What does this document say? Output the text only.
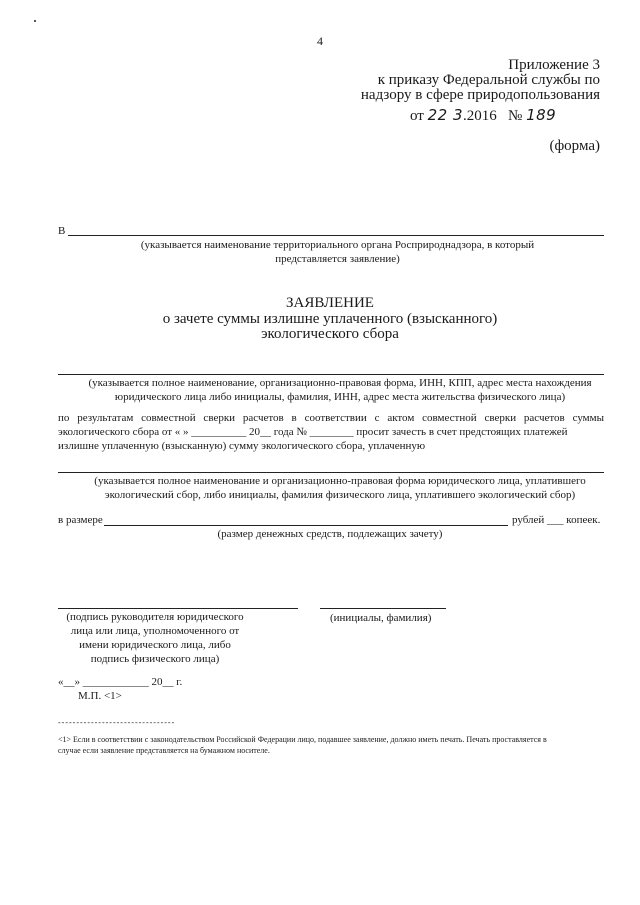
4
Приложение 3
к приказу Федеральной службы по
надзору в сфере природопользования
от 22 3.2016 № 189
(форма)
В
(указывается наименование территориального органа Росприроднадзора, в который
представляется заявление)
ЗАЯВЛЕНИЕ
о зачете суммы излишне уплаченного (взысканного)
экологического сбора
(указывается полное наименование, организационно-правовая форма, ИНН, КПП, адрес места нахождения
юридического лица либо инициалы, фамилия, ИНН, адрес места жительства физического лица)
по результатам совместной сверки расчетов в соответствии с актом совместной сверки расчетов суммы
экологического сбора от « » __________ 20__ года № ________ просит зачесть в счет предстоящих платежей
излишне уплаченную (взысканную) сумму экологического сбора, уплаченную
(указывается полное наименование и организационно-правовая форма юридического лица, уплатившего
экологический сбор, либо инициалы, фамилия физического лица, уплатившего экологический сбор)
в размере	рублей ___ копеек.
(размер денежных средств, подлежащих зачету)
(подпись руководителя юридического
лица или лица, уполномоченного от
имени юридического лица, либо
подпись физического лица)
(инициалы, фамилия)
«__» ____________ 20__ г.
М.П. <1>
--------------------------------
<1> Если в соответствии с законодательством Российской Федерации лицо, подавшее заявление, должно иметь печать. Печать проставляется в
случае если заявление представляется на бумажном носителе.
